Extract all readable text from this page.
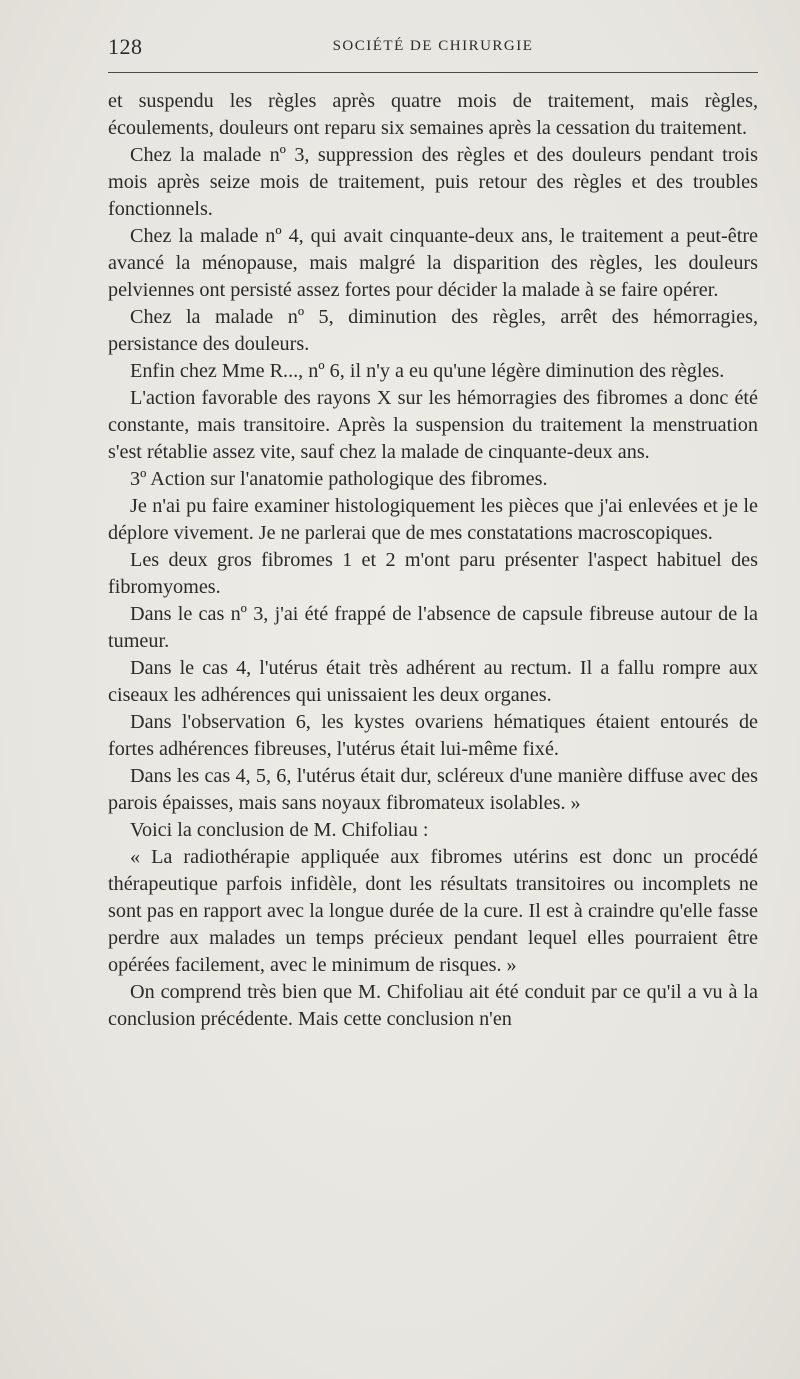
128	SOCIÉTÉ DE CHIRURGIE

et suspendu les règles après quatre mois de traitement, mais règles, écoulements, douleurs ont reparu six semaines après la cessation du traitement.

Chez la malade nº 3, suppression des règles et des douleurs pendant trois mois après seize mois de traitement, puis retour des règles et des troubles fonctionnels.

Chez la malade nº 4, qui avait cinquante-deux ans, le traitement a peut-être avancé la ménopause, mais malgré la disparition des règles, les douleurs pelviennes ont persisté assez fortes pour décider la malade à se faire opérer.

Chez la malade nº 5, diminution des règles, arrêt des hémorragies, persistance des douleurs.

Enfin chez Mme R..., nº 6, il n'y a eu qu'une légère diminution des règles.

L'action favorable des rayons X sur les hémorragies des fibromes a donc été constante, mais transitoire. Après la suspension du traitement la menstruation s'est rétablie assez vite, sauf chez la malade de cinquante-deux ans.

3º Action sur l'anatomie pathologique des fibromes.

Je n'ai pu faire examiner histologiquement les pièces que j'ai enlevées et je le déplore vivement. Je ne parlerai que de mes constatations macroscopiques.

Les deux gros fibromes 1 et 2 m'ont paru présenter l'aspect habituel des fibromyomes.

Dans le cas nº 3, j'ai été frappé de l'absence de capsule fibreuse autour de la tumeur.

Dans le cas 4, l'utérus était très adhérent au rectum. Il a fallu rompre aux ciseaux les adhérences qui unissaient les deux organes.

Dans l'observation 6, les kystes ovariens hématiques étaient entourés de fortes adhérences fibreuses, l'utérus était lui-même fixé.

Dans les cas 4, 5, 6, l'utérus était dur, scléreux d'une manière diffuse avec des parois épaisses, mais sans noyaux fibromateux isolables. »

Voici la conclusion de M. Chifoliau :

« La radiothérapie appliquée aux fibromes utérins est donc un procédé thérapeutique parfois infidèle, dont les résultats transitoires ou incomplets ne sont pas en rapport avec la longue durée de la cure. Il est à craindre qu'elle fasse perdre aux malades un temps précieux pendant lequel elles pourraient être opérées facilement, avec le minimum de risques. »

On comprend très bien que M. Chifoliau ait été conduit par ce qu'il a vu à la conclusion précédente. Mais cette conclusion n'en
